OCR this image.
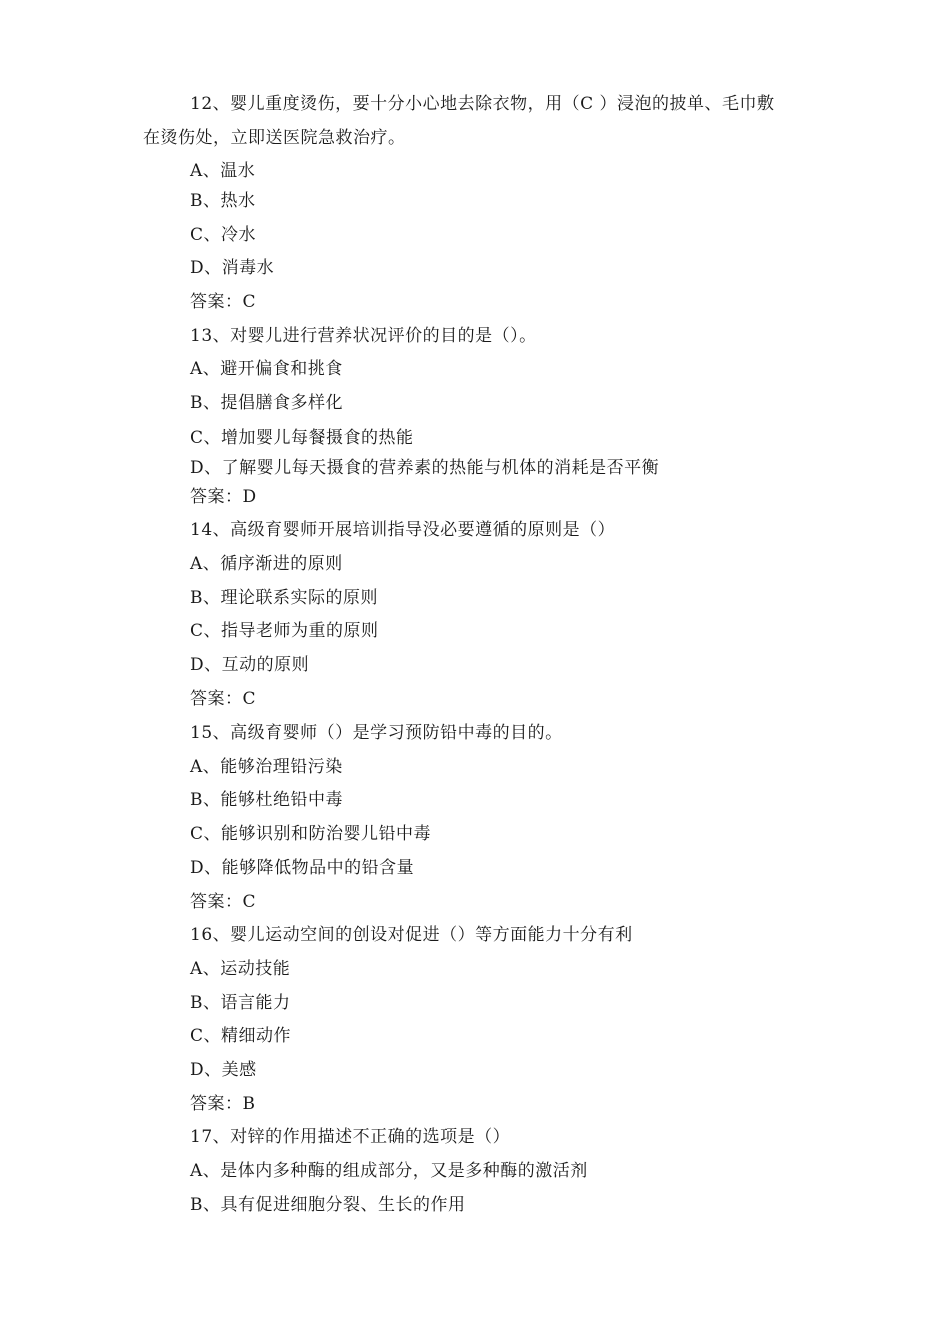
12、婴儿重度烫伤，要十分小心地去除衣物，用（C ）浸泡的披单、毛巾敷
在烫伤处，立即送医院急救治疗。
A、温水
B、热水
C、冷水
D、消毒水
答案：C
13、对婴儿进行营养状况评价的目的是（）。
A、避开偏食和挑食
B、提倡膳食多样化
C、增加婴儿每餐摄食的热能
D、了解婴儿每天摄食的营养素的热能与机体的消耗是否平衡
答案：D
14、高级育婴师开展培训指导没必要遵循的原则是（）
A、循序渐进的原则
B、理论联系实际的原则
C、指导老师为重的原则
D、互动的原则
答案：C
15、高级育婴师（）是学习预防铅中毒的目的。
A、能够治理铅污染
B、能够杜绝铅中毒
C、能够识别和防治婴儿铅中毒
D、能够降低物品中的铅含量
答案：C
16、婴儿运动空间的创设对促进（）等方面能力十分有利
A、运动技能
B、语言能力
C、精细动作
D、美感
答案：B
17、对锌的作用描述不正确的选项是（）
A、是体内多种酶的组成部分，又是多种酶的激活剂
B、具有促进细胞分裂、生长的作用
